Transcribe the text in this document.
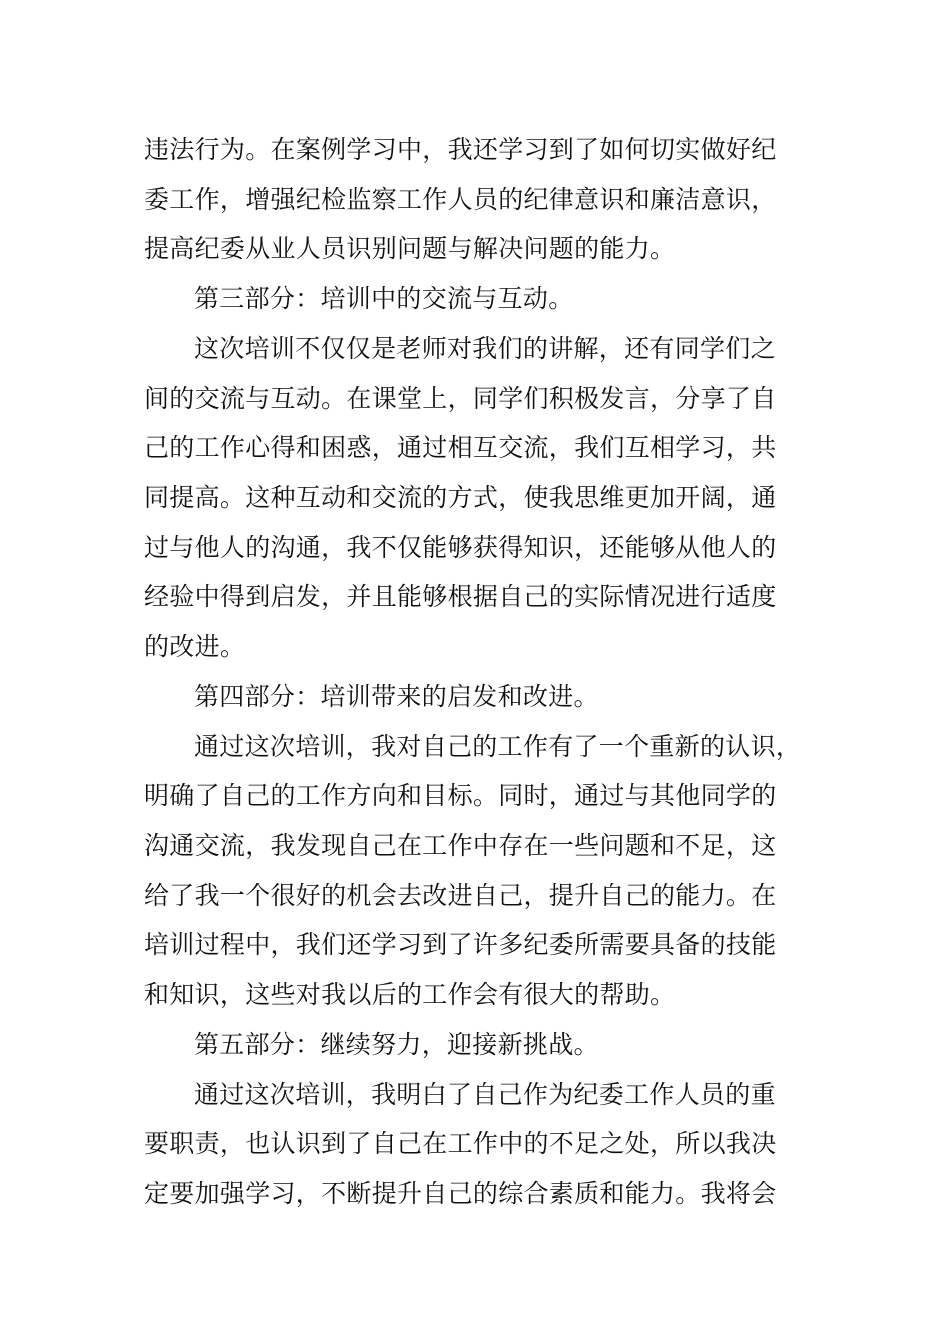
违法行为。在案例学习中，我还学习到了如何切实做好纪
委工作，增强纪检监察工作人员的纪律意识和廉洁意识，
提高纪委从业人员识别问题与解决问题的能力。
第三部分：培训中的交流与互动。
这次培训不仅仅是老师对我们的讲解，还有同学们之
间的交流与互动。在课堂上，同学们积极发言，分享了自
己的工作心得和困惑，通过相互交流，我们互相学习，共
同提高。这种互动和交流的方式，使我思维更加开阔，通
过与他人的沟通，我不仅能够获得知识，还能够从他人的
经验中得到启发，并且能够根据自己的实际情况进行适度
的改进。
第四部分：培训带来的启发和改进。
通过这次培训，我对自己的工作有了一个重新的认识，
明确了自己的工作方向和目标。同时，通过与其他同学的
沟通交流，我发现自己在工作中存在一些问题和不足，这
给了我一个很好的机会去改进自己，提升自己的能力。在
培训过程中，我们还学习到了许多纪委所需要具备的技能
和知识，这些对我以后的工作会有很大的帮助。
第五部分：继续努力，迎接新挑战。
通过这次培训，我明白了自己作为纪委工作人员的重
要职责，也认识到了自己在工作中的不足之处，所以我决
定要加强学习，不断提升自己的综合素质和能力。我将会
